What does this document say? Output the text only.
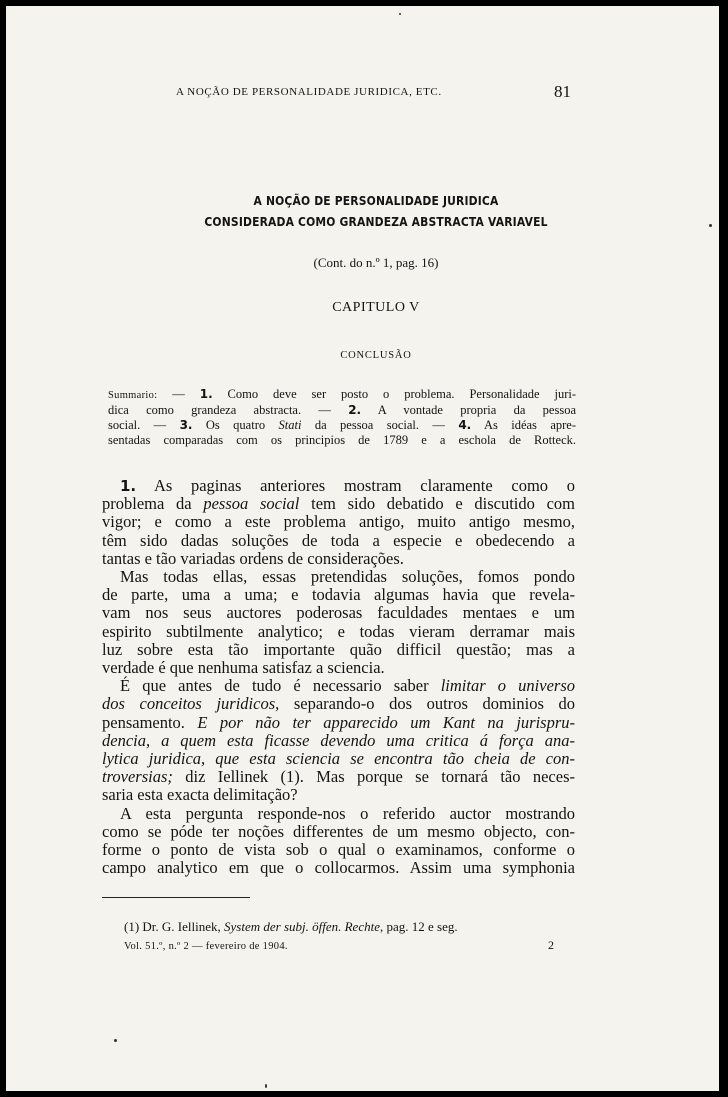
A NOÇÃO DE PERSONALIDADE JURIDICA, ETC.	81
A NOÇÃO DE PERSONALIDADE JURIDICA
CONSIDERADA COMO GRANDEZA ABSTRACTA VARIAVEL
(Cont. do n.º 1, pag. 16)
CAPITULO V
CONCLUSÃO
Summario: — 1. Como deve ser posto o problema. Personalidade juri-
dica como grandeza abstracta. — 2. A vontade propria da pessoa
social. — 3. Os quatro Stati da pessoa social. — 4. As idéas apre-
sentadas comparadas com os principios de 1789 e a eschola de Rotteck.
1. As paginas anteriores mostram claramente como o
problema da pessoa social tem sido debatido e discutido com
vigor; e como a este problema antigo, muito antigo mesmo,
têm sido dadas soluções de toda a especie e obedecendo a
tantas e tão variadas ordens de considerações.
Mas todas ellas, essas pretendidas soluções, fomos pondo
de parte, uma a uma; e todavia algumas havia que revela-
vam nos seus auctores poderosas faculdades mentaes e um
espirito subtilmente analytico; e todas vieram derramar mais
luz sobre esta tão importante quão difficil questão; mas a
verdade é que nenhuma satisfaz a sciencia.
É que antes de tudo é necessario saber limitar o universo
dos conceitos juridicos, separando-o dos outros dominios do
pensamento. E por não ter apparecido um Kant na jurispru-
dencia, a quem esta ficasse devendo uma critica á força ana-
lytica juridica, que esta sciencia se encontra tão cheia de con-
troversias; diz Iellinek (1). Mas porque se tornará tão neces-
saria esta exacta delimitação?
A esta pergunta responde-nos o referido auctor mostrando
como se póde ter noções differentes de um mesmo objecto, con-
forme o ponto de vista sob o qual o examinamos, conforme o
campo analytico em que o collocarmos. Assim uma symphonia
(1) Dr. G. Iellinek, System der subj. öffen. Rechte, pag. 12 e seg.
Vol. 51.º, n.º 2 — fevereiro de 1904.	2
